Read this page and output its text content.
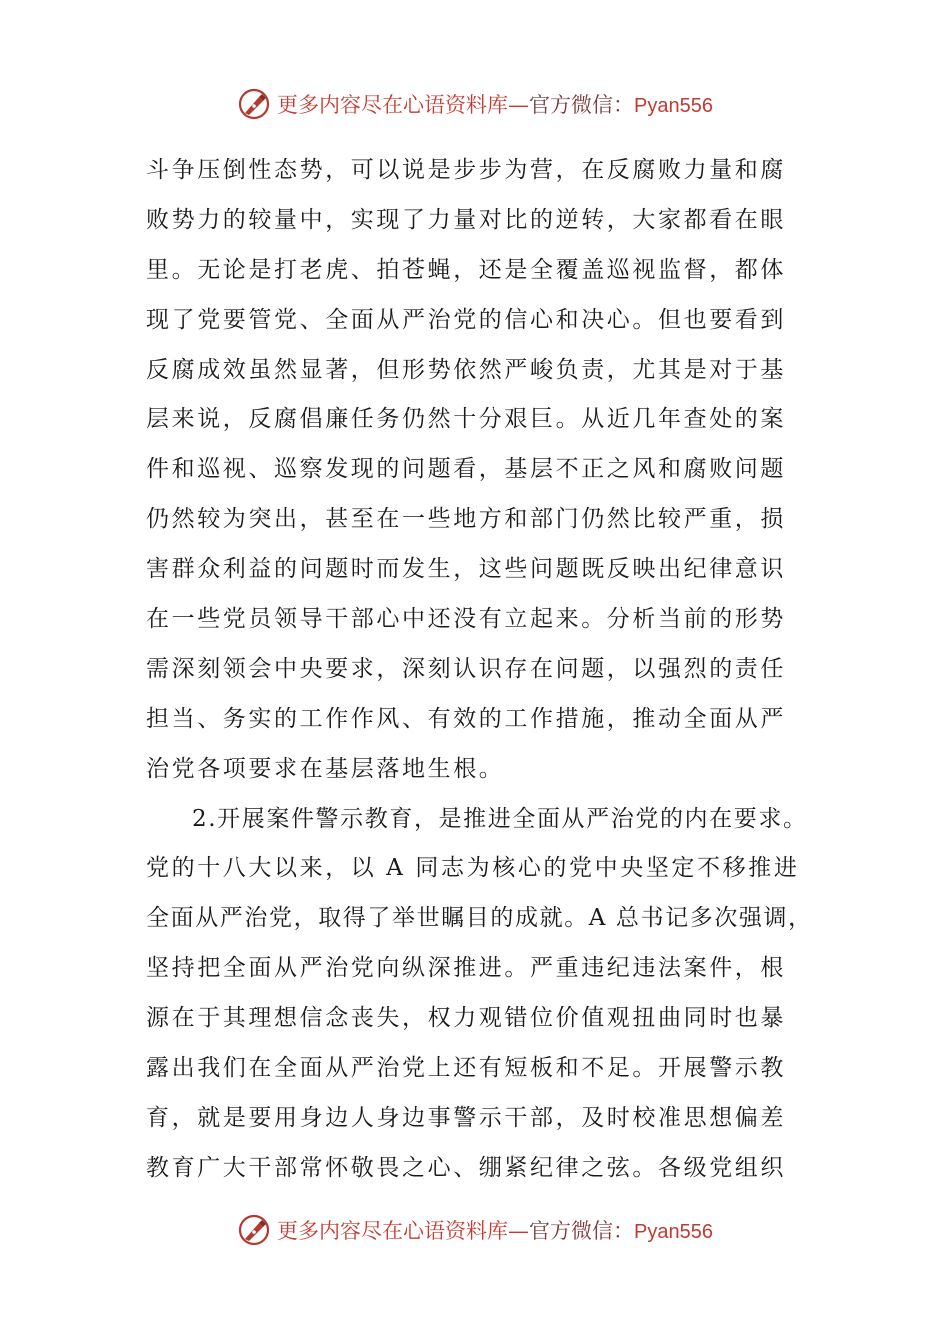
更多内容尽在心语资料库—官方微信：Pyan556
斗争压倒性态势，可以说是步步为营，在反腐败力量和腐
败势力的较量中，实现了力量对比的逆转，大家都看在眼
里。无论是打老虎、拍苍蝇，还是全覆盖巡视监督，都体
现了党要管党、全面从严治党的信心和决心。但也要看到
反腐成效虽然显著，但形势依然严峻负责，尤其是对于基
层来说，反腐倡廉任务仍然十分艰巨。从近几年查处的案
件和巡视、巡察发现的问题看，基层不正之风和腐败问题
仍然较为突出，甚至在一些地方和部门仍然比较严重，损
害群众利益的问题时而发生，这些问题既反映出纪律意识
在一些党员领导干部心中还没有立起来。分析当前的形势
需深刻领会中央要求，深刻认识存在问题，以强烈的责任
担当、务实的工作作风、有效的工作措施，推动全面从严
治党各项要求在基层落地生根。
2.开展案件警示教育，是推进全面从严治党的内在要求。
党的十八大以来，以 A 同志为核心的党中央坚定不移推进
全面从严治党，取得了举世瞩目的成就。A 总书记多次强调，
坚持把全面从严治党向纵深推进。严重违纪违法案件，根
源在于其理想信念丧失，权力观错位价值观扭曲同时也暴
露出我们在全面从严治党上还有短板和不足。开展警示教
育，就是要用身边人身边事警示干部，及时校准思想偏差
教育广大干部常怀敬畏之心、绷紧纪律之弦。各级党组织
更多内容尽在心语资料库—官方微信：Pyan556
